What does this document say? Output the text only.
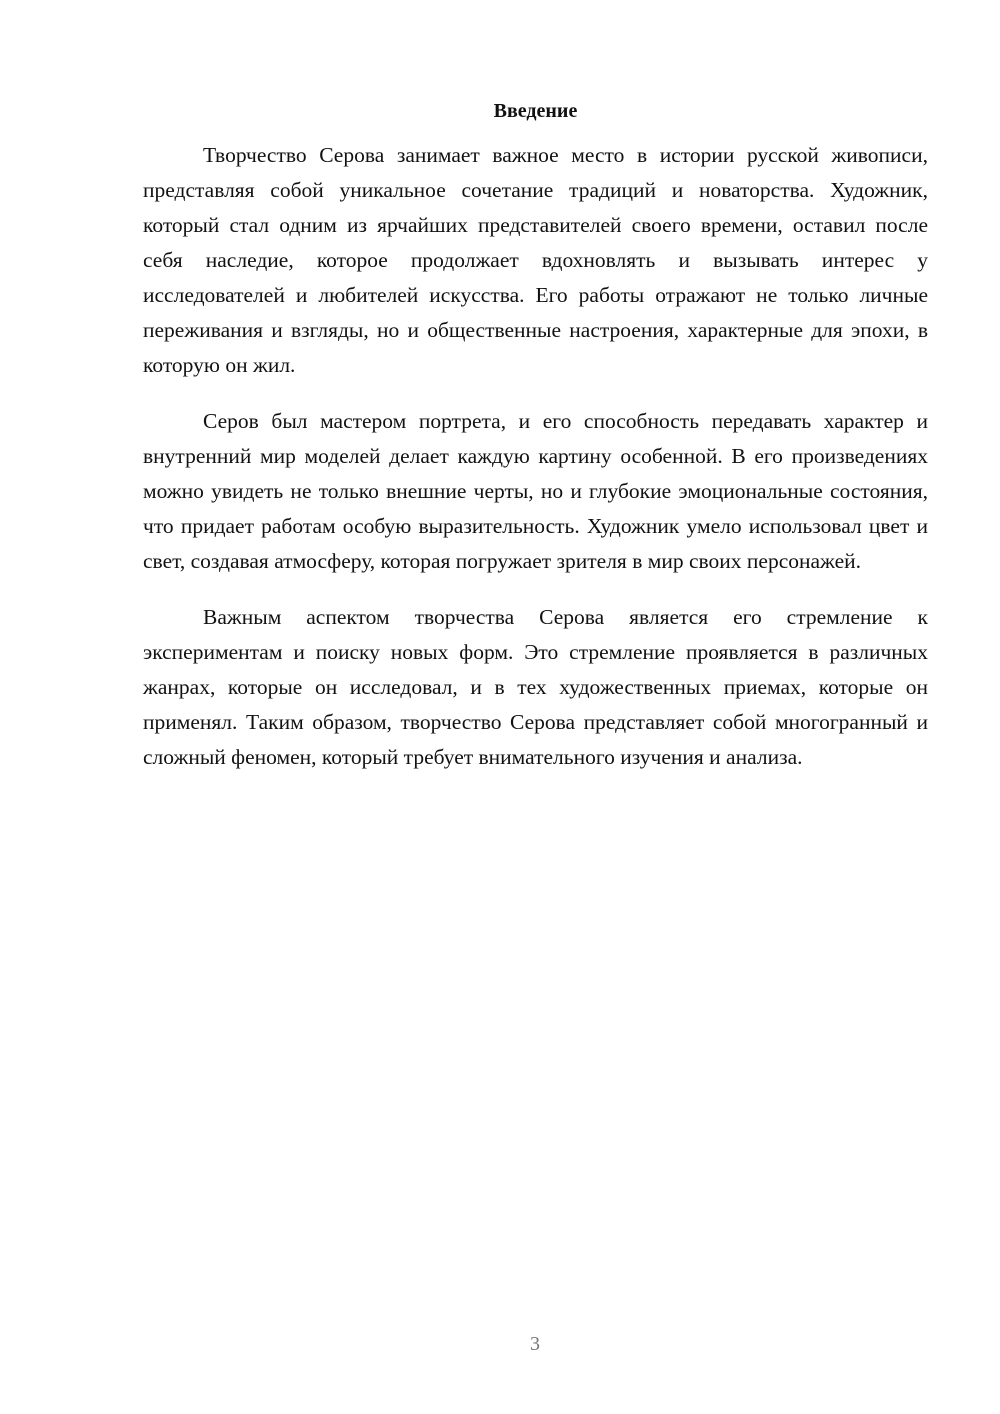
Введение

Творчество Серова занимает важное место в истории русской живописи, представляя собой уникальное сочетание традиций и новаторства. Художник, который стал одним из ярчайших представителей своего времени, оставил после себя наследие, которое продолжает вдохновлять и вызывать интерес у исследователей и любителей искусства. Его работы отражают не только личные переживания и взгляды, но и общественные настроения, характерные для эпохи, в которую он жил.

Серов был мастером портрета, и его способность передавать характер и внутренний мир моделей делает каждую картину особенной. В его произведениях можно увидеть не только внешние черты, но и глубокие эмоциональные состояния, что придает работам особую выразительность. Художник умело использовал цвет и свет, создавая атмосферу, которая погружает зрителя в мир своих персонажей.

Важным аспектом творчества Серова является его стремление к экспериментам и поиску новых форм. Это стремление проявляется в различных жанрах, которые он исследовал, и в тех художественных приемах, которые он применял. Таким образом, творчество Серова представляет собой многогранный и сложный феномен, который требует внимательного изучения и анализа.

3
